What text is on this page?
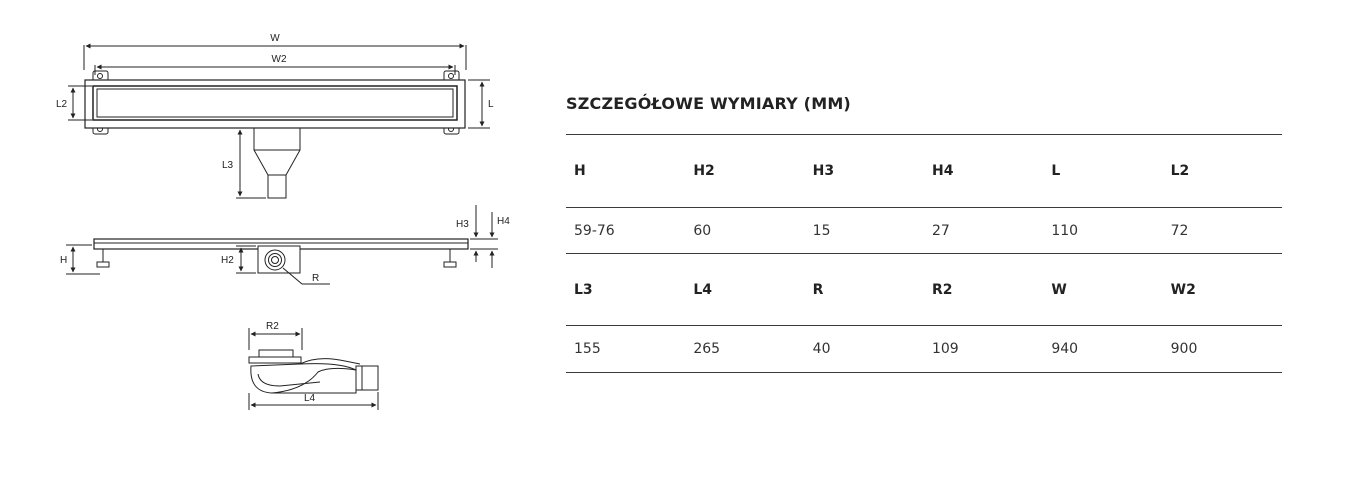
W
W2
L
L2
L3
H	H2
H3	H4
R
R2
L4
SZCZEGÓŁOWE WYMIARY (MM)
H	H2	H3	H4	L	L2
59-76	60	15	27	110	72
L3	L4	R	R2	W	W2
155	265	40	109	940	900
